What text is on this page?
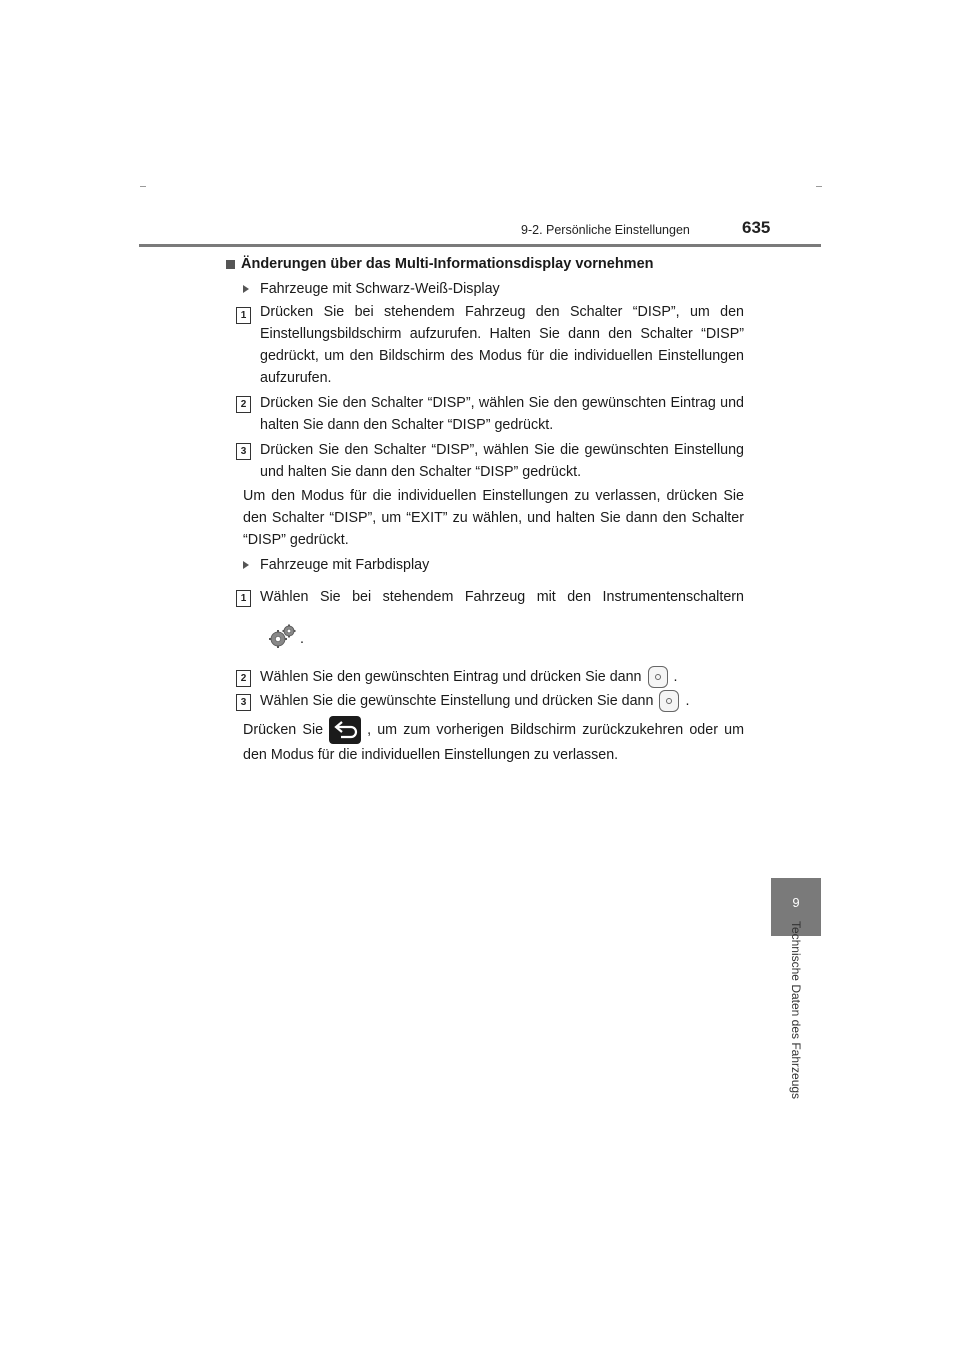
9-2. Persönliche Einstellungen	635
9
Technische Daten des Fahrzeugs
Änderungen über das Multi-Informationsdisplay vornehmen
Fahrzeuge mit Schwarz-Weiß-Display
1 Drücken Sie bei stehendem Fahrzeug den Schalter “DISP”, um den Einstellungsbildschirm aufzurufen. Halten Sie dann den Schalter “DISP” gedrückt, um den Bildschirm des Modus für die individuellen Einstellungen aufzurufen.
2 Drücken Sie den Schalter “DISP”, wählen Sie den gewünschten Eintrag und halten Sie dann den Schalter “DISP” gedrückt.
3 Drücken Sie den Schalter “DISP”, wählen Sie die gewünschten Einstellung und halten Sie dann den Schalter “DISP” gedrückt.
Um den Modus für die individuellen Einstellungen zu verlassen, drücken Sie den Schalter “DISP”, um “EXIT” zu wählen, und halten Sie dann den Schalter “DISP” gedrückt.
Fahrzeuge mit Farbdisplay
1 Wählen Sie bei stehendem Fahrzeug mit den Instrumentenschaltern
.
2 Wählen Sie den gewünschten Eintrag und drücken Sie dann .
3 Wählen Sie die gewünschte Einstellung und drücken Sie dann .
Drücken Sie	, um zum vorherigen Bildschirm zurückzukehren oder um den Modus für die individuellen Einstellungen zu verlassen.
